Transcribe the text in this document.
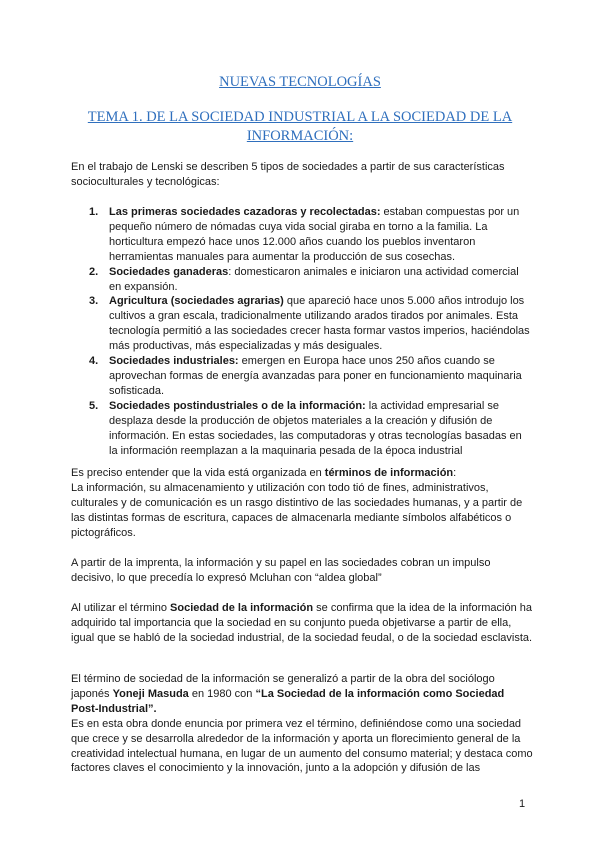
NUEVAS TECNOLOGÍAS
TEMA 1. DE LA SOCIEDAD INDUSTRIAL A LA SOCIEDAD DE LA INFORMACIÓN:

En el trabajo de Lenski se describen 5 tipos de sociedades a partir de sus características socioculturales y tecnológicas:

1. Las primeras sociedades cazadoras y recolectadas: estaban compuestas por un pequeño número de nómadas cuya vida social giraba en torno a la familia. La horticultura empezó hace unos 12.000 años cuando los pueblos inventaron herramientas manuales para aumentar la producción de sus cosechas.
2. Sociedades ganaderas: domesticaron animales e iniciaron una actividad comercial en expansión.
3. Agricultura (sociedades agrarias) que apareció hace unos 5.000 años introdujo los cultivos a gran escala, tradicionalmente utilizando arados tirados por animales. Esta tecnología permitió a las sociedades crecer hasta formar vastos imperios, haciéndolas más productivas, más especializadas y más desiguales.
4. Sociedades industriales: emergen en Europa hace unos 250 años cuando se aprovechan formas de energía avanzadas para poner en funcionamiento maquinaria sofisticada.
5. Sociedades postindustriales o de la información: la actividad empresarial se desplaza desde la producción de objetos materiales a la creación y difusión de información. En estas sociedades, las computadoras y otras tecnologías basadas en la información reemplazan a la maquinaria pesada de la época industrial

Es preciso entender que la vida está organizada en términos de información:
La información, su almacenamiento y utilización con todo tió de fines, administrativos, culturales y de comunicación es un rasgo distintivo de las sociedades humanas, y a partir de las distintas formas de escritura, capaces de almacenarla mediante símbolos alfabéticos o pictográficos.

A partir de la imprenta, la información y su papel en las sociedades cobran un impulso decisivo, lo que precedía lo expresó Mcluhan con “aldea global”

Al utilizar el término Sociedad de la información se confirma que la idea de la información ha adquirido tal importancia que la sociedad en su conjunto pueda objetivarse a partir de ella, igual que se habló de la sociedad industrial, de la sociedad feudal, o de la sociedad esclavista.

El término de sociedad de la información se generalizó a partir de la obra del sociólogo japonés Yoneji Masuda en 1980 con “La Sociedad de la información como Sociedad Post-Industrial”.
Es en esta obra donde enuncia por primera vez el término, definiéndose como una sociedad que crece y se desarrolla alrededor de la información y aporta un florecimiento general de la creatividad intelectual humana, en lugar de un aumento del consumo material; y destaca como factores claves el conocimiento y la innovación, junto a la adopción y difusión de las

1
